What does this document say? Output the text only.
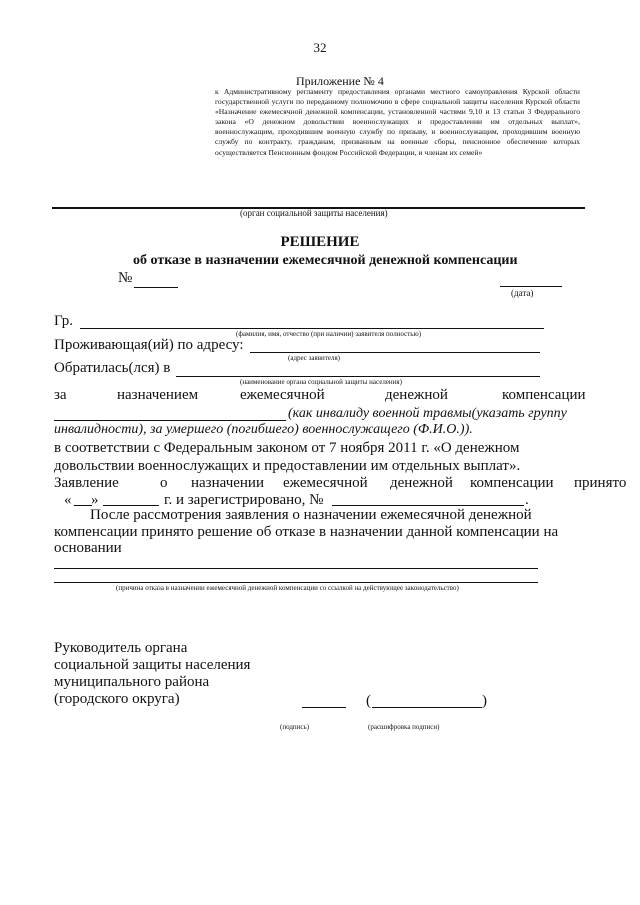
32
Приложение № 4
к Административному регламенту предоставления органами местного самоуправления Курской области государственной услуги по переданному полномочию в сфере социальной защиты населения Курской области «Назначение ежемесячной денежной компенсации, установленной частями 9,10 и 13 статьи 3 Федерального закона «О денежном довольствии военнослужащих и предоставлении им отдельных выплат», военнослужащим, проходившим военную службу по призыву, и военнослужащим, проходившим военную службу по контракту, гражданам, призванным на военные сборы, пенсионное обеспечение которых осуществляется Пенсионным фондом Российской Федерации, и членам их семей»
(орган социальной защиты населения)
РЕШЕНИЕ
об отказе в назначении ежемесячной денежной компенсации
№
(дата)
Гр.
(фамилия, имя, отчество (при наличии) заявителя полностью)
Проживающая(ий) по адресу:
(адрес заявителя)
Обратилась(лся) в
(наименование органа социальной защиты населения)
за	назначением	ежемесячной	денежной	компенсации
(как инвалиду военной травмы(указать группу
инвалидности), за умершего (погибшего) военнослужащего (Ф.И.О.)).
в соответствии с Федеральным законом от 7 ноября 2011 г. «О денежном
довольствии военнослужащих и предоставлении им отдельных выплат».
Заявление	о назначении ежемесячной денежной компенсации принято
« »	г. и зарегистрировано, №	.
После рассмотрения заявления о назначении ежемесячной денежной
компенсации принято решение об отказе в назначении данной компенсации на
основании
(причина отказа в назначении ежемесячной денежной компенсации со ссылкой на действующее законодательство)
Руководитель органа
социальной защиты населения
муниципального района
(городского округа)	(	)
(подпись)	(расшифровка подписи)
